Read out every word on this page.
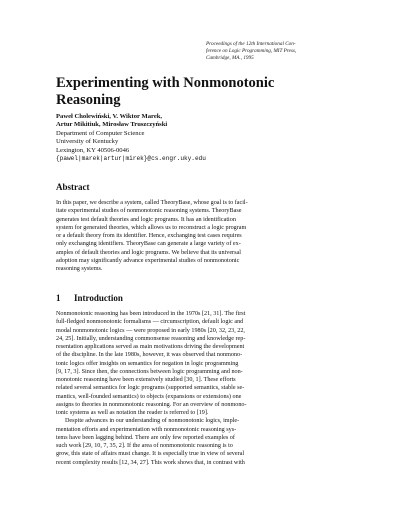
Proceedings of the 12th International Con-
ference on Logic Programming, MIT Press,
Cambridge, MA., 1995
Experimenting with Nonmonotonic
Reasoning
Paweł Cholewiński, V. Wiktor Marek,
Artur Mikitiuk, Mirosław Truszczyński
Department of Computer Science
University of Kentucky
Lexington, KY 40506-0046
{pawel|marek|artur|mirek}@cs.engr.uky.edu
Abstract
In this paper, we describe a system, called TheoryBase, whose goal is to facil-
itate experimental studies of nonmonotonic reasoning systems. TheoryBase
generates test default theories and logic programs. It has an identification
system for generated theories, which allows us to reconstruct a logic program
or a default theory from its identifier. Hence, exchanging test cases requires
only exchanging identifiers. TheoryBase can generate a large variety of ex-
amples of default theories and logic programs. We believe that its universal
adoption may significantly advance experimental studies of nonmonotonic
reasoning systems.
1 Introduction
Nonmonotonic reasoning has been introduced in the 1970s [21, 31]. The first
full-fledged nonmonotonic formalisms — circumscription, default logic and
modal nonmonotonic logics — were proposed in early 1980s [20, 32, 23, 22,
24, 25]. Initially, understanding commonsense reasoning and knowledge rep-
resentation applications served as main motivations driving the development
of the discipline. In the late 1980s, however, it was observed that nonmono-
tonic logics offer insights on semantics for negation in logic programming
[9, 17, 3]. Since then, the connections between logic programming and non-
monotonic reasoning have been extensively studied [30, 1]. These efforts
related several semantics for logic programs (supported semantics, stable se-
mantics, well-founded semantics) to objects (expansions or extensions) one
assigns to theories in nonmonotonic reasoning. For an overview of nonmono-
tonic systems as well as notation the reader is referred to [19].
Despite advances in our understanding of nonmonotonic logics, imple-
mentation efforts and experimentation with nonmonotonic reasoning sys-
tems have been lagging behind. There are only few reported examples of
such work [29, 10, 7, 35, 2]. If the area of nonmonotonic reasoning is to
grow, this state of affairs must change. It is especially true in view of several
recent complexity results [12, 34, 27]. This work shows that, in contrast with
